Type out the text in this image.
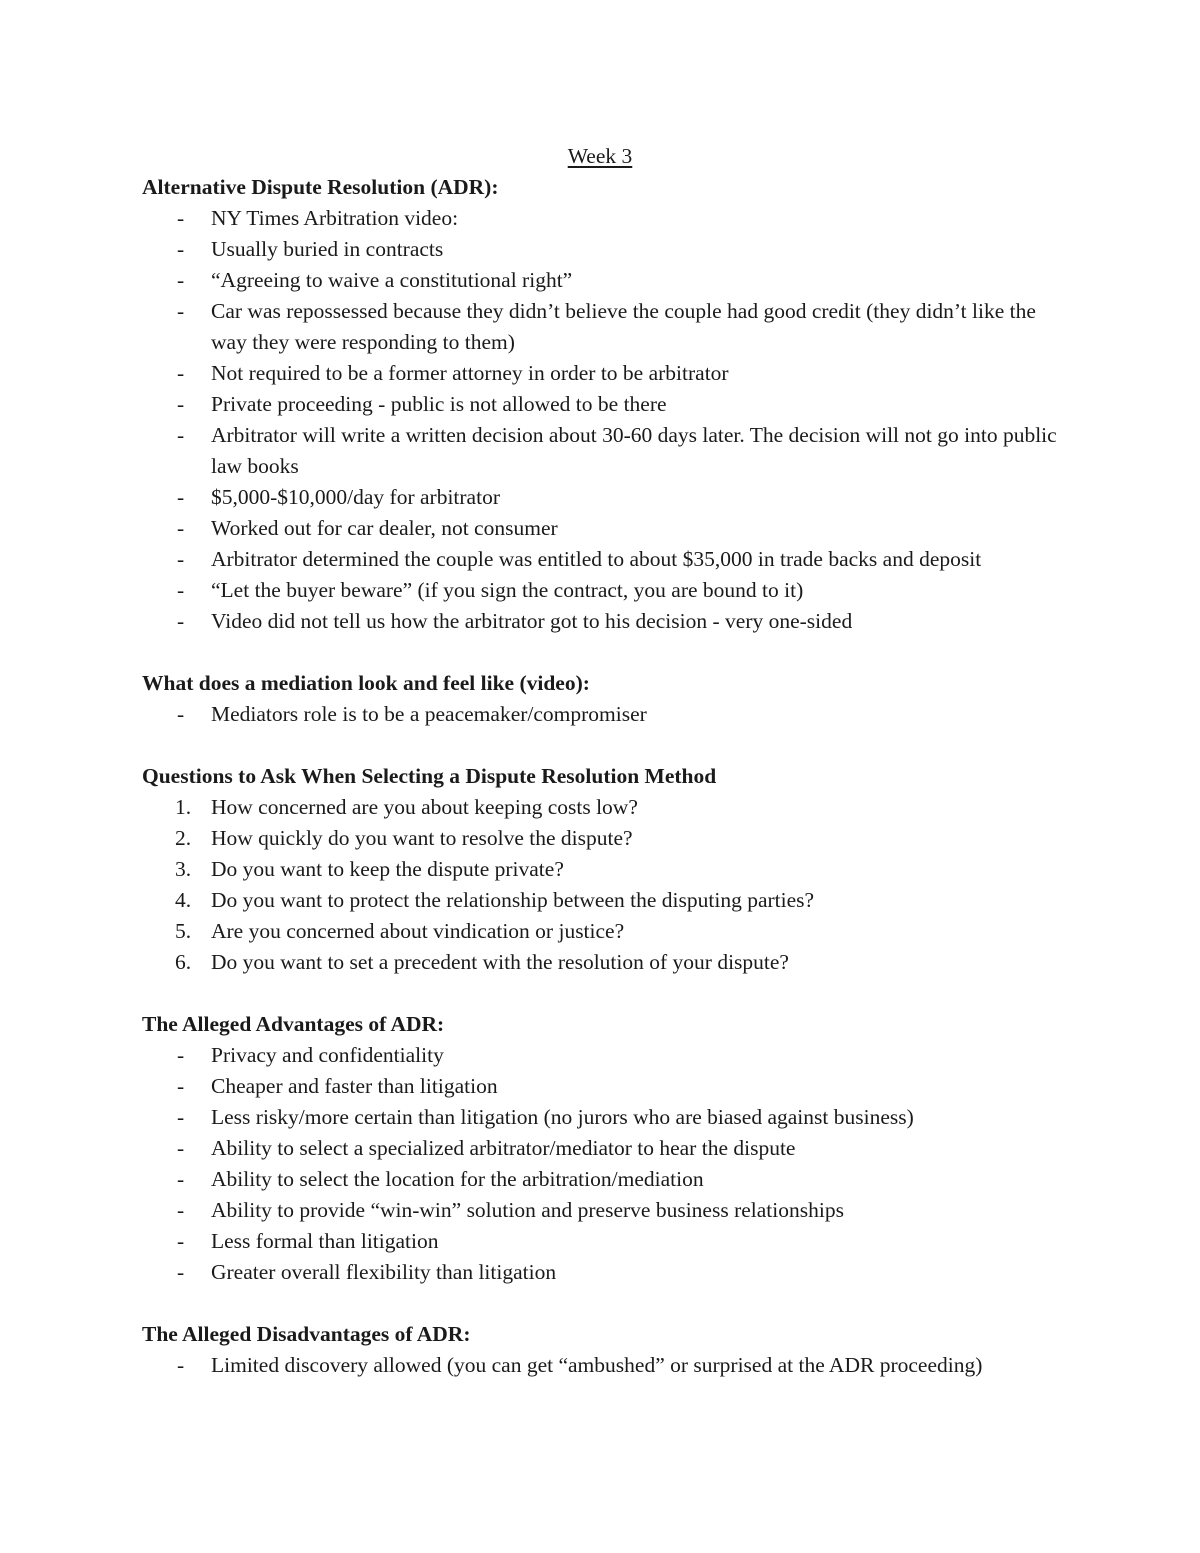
Week 3
Alternative Dispute Resolution (ADR):
- NY Times Arbitration video:
- Usually buried in contracts
- “Agreeing to waive a constitutional right”
- Car was repossessed because they didn’t believe the couple had good credit (they didn’t like the way they were responding to them)
- Not required to be a former attorney in order to be arbitrator
- Private proceeding - public is not allowed to be there
- Arbitrator will write a written decision about 30-60 days later. The decision will not go into public law books
- $5,000-$10,000/day for arbitrator
- Worked out for car dealer, not consumer
- Arbitrator determined the couple was entitled to about $35,000 in trade backs and deposit
- “Let the buyer beware” (if you sign the contract, you are bound to it)
- Video did not tell us how the arbitrator got to his decision - very one-sided
What does a mediation look and feel like (video):
- Mediators role is to be a peacemaker/compromiser
Questions to Ask When Selecting a Dispute Resolution Method
1. How concerned are you about keeping costs low?
2. How quickly do you want to resolve the dispute?
3. Do you want to keep the dispute private?
4. Do you want to protect the relationship between the disputing parties?
5. Are you concerned about vindication or justice?
6. Do you want to set a precedent with the resolution of your dispute?
The Alleged Advantages of ADR:
- Privacy and confidentiality
- Cheaper and faster than litigation
- Less risky/more certain than litigation (no jurors who are biased against business)
- Ability to select a specialized arbitrator/mediator to hear the dispute
- Ability to select the location for the arbitration/mediation
- Ability to provide “win-win” solution and preserve business relationships
- Less formal than litigation
- Greater overall flexibility than litigation
The Alleged Disadvantages of ADR:
- Limited discovery allowed (you can get “ambushed” or surprised at the ADR proceeding)
